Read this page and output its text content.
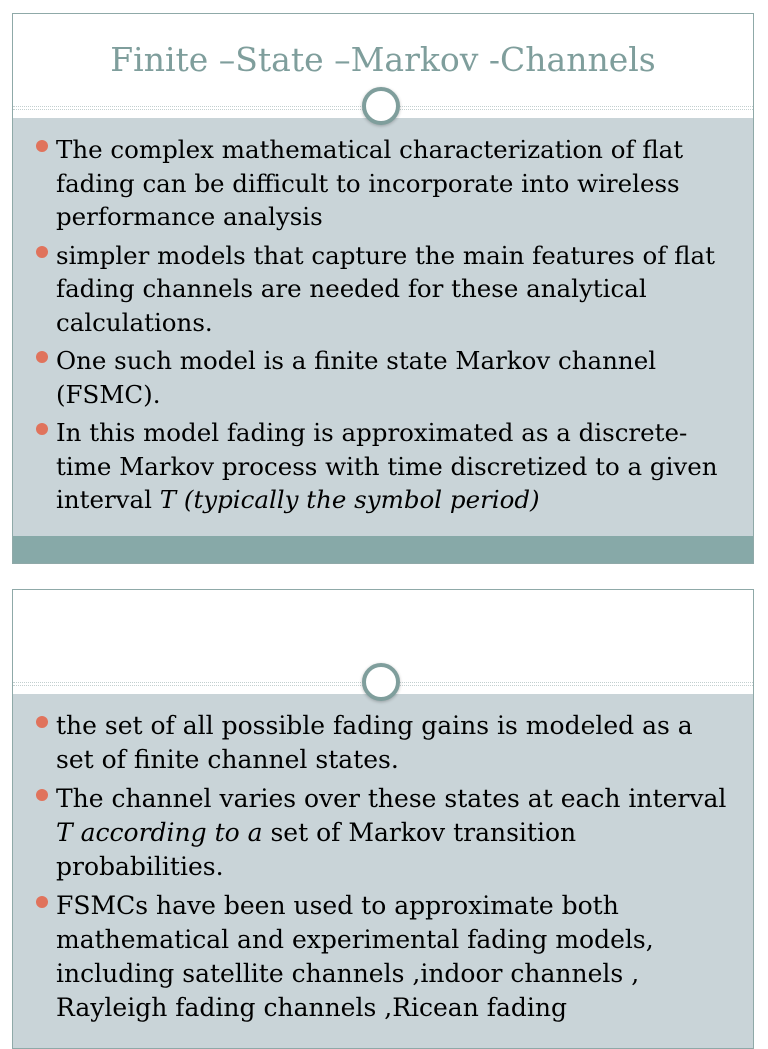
Finite –State –Markov -Channels
The complex mathematical characterization of flat fading can be difficult to incorporate into wireless performance analysis
simpler models that capture the main features of flat fading channels are needed for these analytical calculations.
One such model is a finite state Markov channel (FSMC).
In this model fading is approximated as a discrete-time Markov process with time discretized to a given interval T (typically the symbol period)
the set of all possible fading gains is modeled as a set of finite channel states.
The channel varies over these states at each interval T according to a set of Markov transition probabilities.
FSMCs have been used to approximate both mathematical and experimental fading models, including satellite channels ,indoor channels , Rayleigh fading channels ,Ricean fading
